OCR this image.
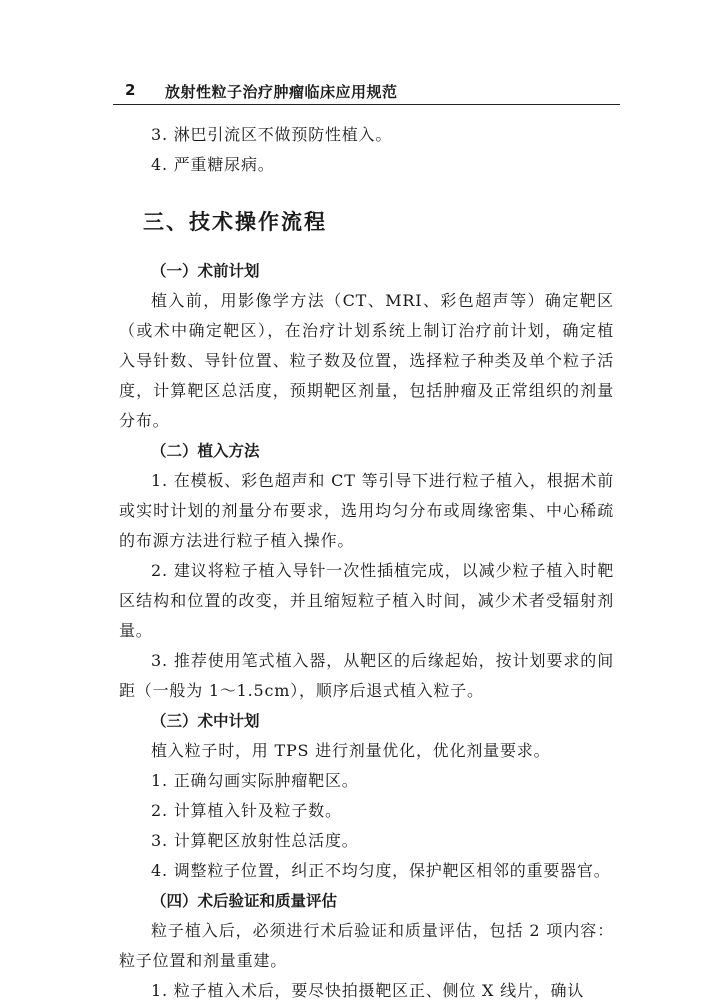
2 放射性粒子治疗肿瘤临床应用规范

3. 淋巴引流区不做预防性植入。

4. 严重糖尿病。

三、技术操作流程
（一）术前计划

植入前，用影像学方法（CT、MRI、彩色超声等）确定靶区（或术中确定靶区），在治疗计划系统上制订治疗前计划，确定植入导针数、导针位置、粒子数及位置，选择粒子种类及单个粒子活度，计算靶区总活度，预期靶区剂量，包括肿瘤及正常组织的剂量分布。

（二）植入方法

1. 在模板、彩色超声和 CT 等引导下进行粒子植入，根据术前或实时计划的剂量分布要求，选用均匀分布或周缘密集、中心稀疏的布源方法进行粒子植入操作。

2. 建议将粒子植入导针一次性插植完成，以减少粒子植入时靶区结构和位置的改变，并且缩短粒子植入时间，减少术者受辐射剂量。

3. 推荐使用笔式植入器，从靶区的后缘起始，按计划要求的间距（一般为 1～1.5cm），顺序后退式植入粒子。

（三）术中计划

植入粒子时，用 TPS 进行剂量优化，优化剂量要求。

1. 正确勾画实际肿瘤靶区。

2. 计算植入针及粒子数。

3. 计算靶区放射性总活度。

4. 调整粒子位置，纠正不均匀度，保护靶区相邻的重要器官。

（四）术后验证和质量评估

粒子植入后，必须进行术后验证和质量评估，包括 2 项内容：粒子位置和剂量重建。

1. 粒子植入术后，要尽快拍摄靶区正、侧位 X 线片，确认
